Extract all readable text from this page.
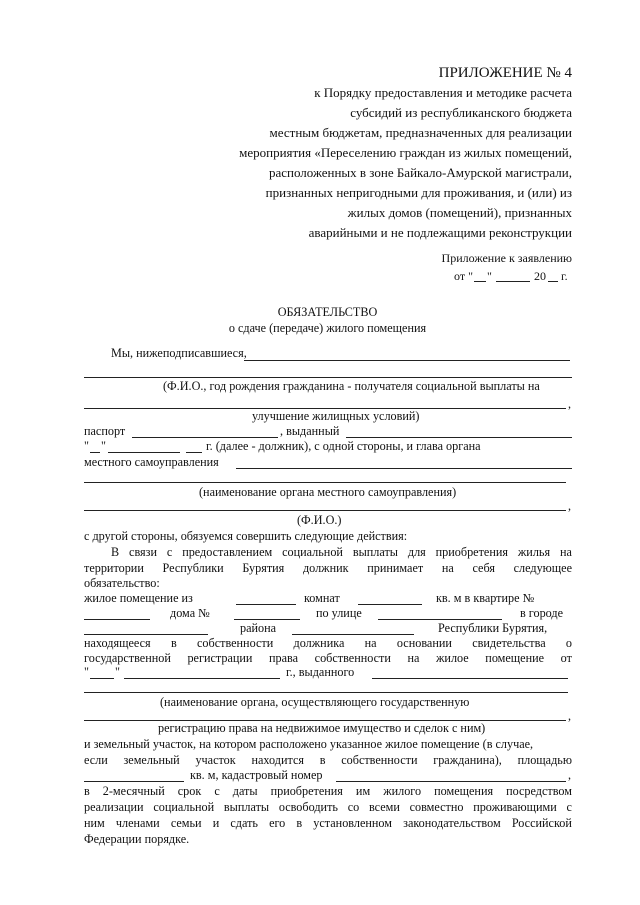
ПРИЛОЖЕНИЕ № 4
к Порядку предоставления и методике расчета
субсидий из республиканского бюджета
местным бюджетам, предназначенных для реализации
мероприятия «Переселению граждан из жилых помещений,
расположенных в зоне Байкало-Амурской магистрали,
признанных непригодными для проживания, и (или) из
жилых домов (помещений), признанных
аварийными и не подлежащими реконструкции
Приложение к заявлению
от " "	20 г.
ОБЯЗАТЕЛЬСТВО
о сдаче (передаче) жилого помещения
Мы, нижеподписавшиеся,
(Ф.И.О., год рождения гражданина - получателя социальной выплаты на
,
улучшение жилищных условий)
паспорт	, выданный
" "	г. (далее - должник), с одной стороны, и глава органа
местного самоуправления
(наименование органа местного самоуправления)
,
(Ф.И.О.)
с другой стороны, обязуемся совершить следующие действия:
В связи с предоставлением социальной выплаты для приобретения жилья на
территории Республики Бурятия должник принимает на себя следующее
обязательство:
жилое помещение из	комнат	кв. м в квартире №
дома №	по улице	в городе
района	Республики Бурятия,
находящееся в собственности должника на основании свидетельства о
государственной регистрации права собственности на жилое помещение от
" "	г., выданного
(наименование органа, осуществляющего государственную
,
регистрацию права на недвижимое имущество и сделок с ним)
и земельный участок, на котором расположено указанное жилое помещение (в случае,
если земельный участок находится в собственности гражданина), площадью
кв. м, кадастровый номер	,
в 2-месячный срок с даты приобретения им жилого помещения посредством
реализации социальной выплаты освободить со всеми совместно проживающими с
ним членами семьи и сдать его в установленном законодательством Российской
Федерации порядке.
